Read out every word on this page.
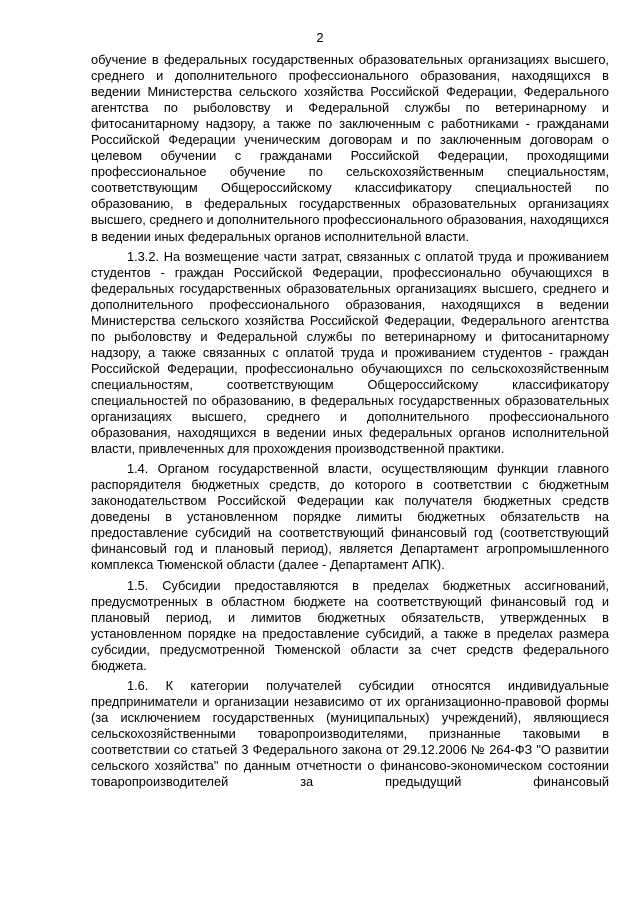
2

обучение в федеральных государственных образовательных организациях высшего, среднего и дополнительного профессионального образования, находящихся в ведении Министерства сельского хозяйства Российской Федерации, Федерального агентства по рыболовству и Федеральной службы по ветеринарному и фитосанитарному надзору, а также по заключенным с работниками - гражданами Российской Федерации ученическим договорам и по заключенным договорам о целевом обучении с гражданами Российской Федерации, проходящими профессиональное обучение по сельскохозяйственным специальностям, соответствующим Общероссийскому классификатору специальностей по образованию, в федеральных государственных образовательных организациях высшего, среднего и дополнительного профессионального образования, находящихся в ведении иных федеральных органов исполнительной власти.

1.3.2. На возмещение части затрат, связанных с оплатой труда и проживанием студентов - граждан Российской Федерации, профессионально обучающихся в федеральных государственных образовательных организациях высшего, среднего и дополнительного профессионального образования, находящихся в ведении Министерства сельского хозяйства Российской Федерации, Федерального агентства по рыболовству и Федеральной службы по ветеринарному и фитосанитарному надзору, а также связанных с оплатой труда и проживанием студентов - граждан Российской Федерации, профессионально обучающихся по сельскохозяйственным специальностям, соответствующим Общероссийскому классификатору специальностей по образованию, в федеральных государственных образовательных организациях высшего, среднего и дополнительного профессионального образования, находящихся в ведении иных федеральных органов исполнительной власти, привлеченных для прохождения производственной практики.

1.4. Органом государственной власти, осуществляющим функции главного распорядителя бюджетных средств, до которого в соответствии с бюджетным законодательством Российской Федерации как получателя бюджетных средств доведены в установленном порядке лимиты бюджетных обязательств на предоставление субсидий на соответствующий финансовый год (соответствующий финансовый год и плановый период), является Департамент агропромышленного комплекса Тюменской области (далее - Департамент АПК).

1.5. Субсидии предоставляются в пределах бюджетных ассигнований, предусмотренных в областном бюджете на соответствующий финансовый год и плановый период, и лимитов бюджетных обязательств, утвержденных в установленном порядке на предоставление субсидий, а также в пределах размера субсидии, предусмотренной Тюменской области за счет средств федерального бюджета.

1.6. К категории получателей субсидии относятся индивидуальные предприниматели и организации независимо от их организационно-правовой формы (за исключением государственных (муниципальных) учреждений), являющиеся сельскохозяйственными товаропроизводителями, признанные таковыми в соответствии со статьей 3 Федерального закона от 29.12.2006 № 264-ФЗ "О развитии сельского хозяйства" по данным отчетности о финансово-экономическом состоянии товаропроизводителей за предыдущий финансовый
